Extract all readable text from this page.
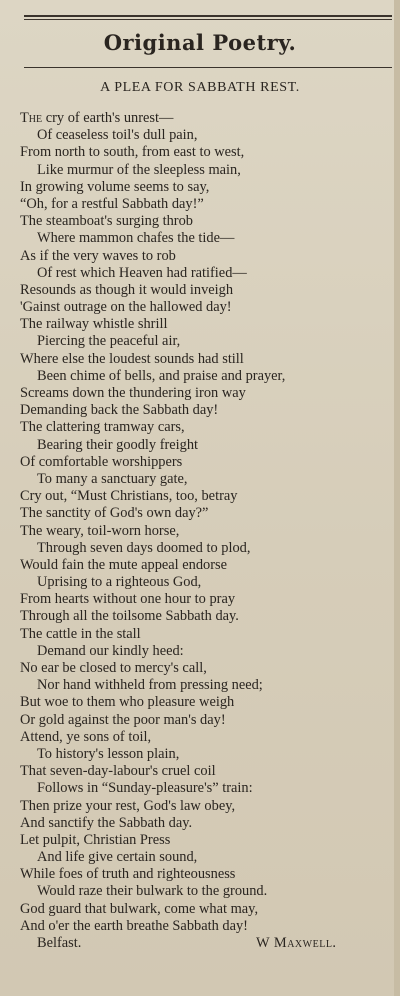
Original Poetry.
A PLEA FOR SABBATH REST.
The cry of earth's unrest—
Of ceaseless toil's dull pain,
From north to south, from east to west,
Like murmur of the sleepless main,
In growing volume seems to say,
“Oh, for a restful Sabbath day!”
The steamboat's surging throb
Where mammon chafes the tide—
As if the very waves to rob
Of rest which Heaven had ratified—
Resounds as though it would inveigh
'Gainst outrage on the hallowed day!
The railway whistle shrill
Piercing the peaceful air,
Where else the loudest sounds had still
Been chime of bells, and praise and prayer,
Screams down the thundering iron way
Demanding back the Sabbath day!
The clattering tramway cars,
Bearing their goodly freight
Of comfortable worshippers
To many a sanctuary gate,
Cry out, “Must Christians, too, betray
The sanctity of God's own day?”
The weary, toil-worn horse,
Through seven days doomed to plod,
Would fain the mute appeal endorse
Uprising to a righteous God,
From hearts without one hour to pray
Through all the toilsome Sabbath day.
The cattle in the stall
Demand our kindly heed:
No ear be closed to mercy's call,
Nor hand withheld from pressing need;
But woe to them who pleasure weigh
Or gold against the poor man's day!
Attend, ye sons of toil,
To history's lesson plain,
That seven-day-labour's cruel coil
Follows in “Sunday-pleasure's” train:
Then prize your rest, God's law obey,
And sanctify the Sabbath day.
Let pulpit, Christian Press
And life give certain sound,
While foes of truth and righteousness
Would raze their bulwark to the ground.
God guard that bulwark, come what may,
And o'er the earth breathe Sabbath day!
Belfast.	W Maxwell.
